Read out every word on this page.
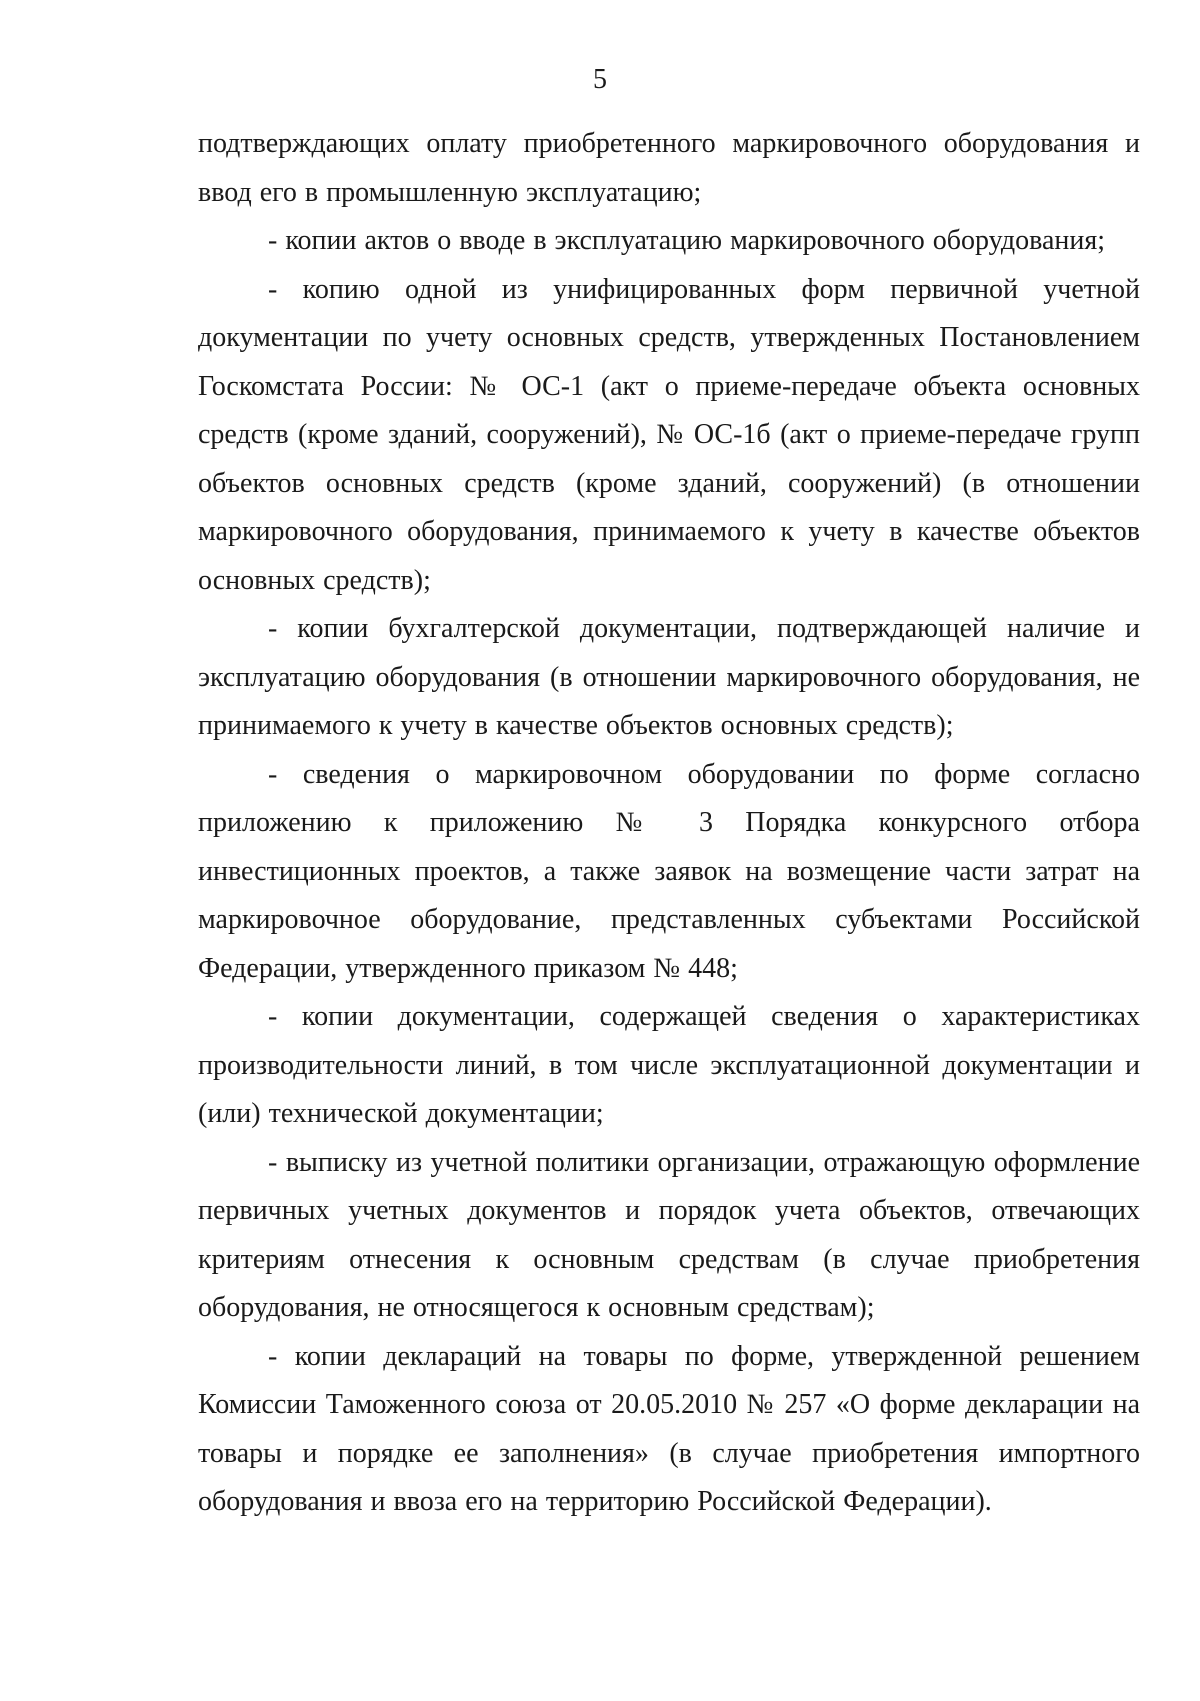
5

подтверждающих оплату приобретенного маркировочного оборудования и ввод его в промышленную эксплуатацию;

- копии актов о вводе в эксплуатацию маркировочного оборудования;

- копию одной из унифицированных форм первичной учетной документации по учету основных средств, утвержденных Постановлением Госкомстата России: № ОС-1 (акт о приеме-передаче объекта основных средств (кроме зданий, сооружений), № ОС-1б (акт о приеме-передаче групп объектов основных средств (кроме зданий, сооружений) (в отношении маркировочного оборудования, принимаемого к учету в качестве объектов основных средств);

- копии бухгалтерской документации, подтверждающей наличие и эксплуатацию оборудования (в отношении маркировочного оборудования, не принимаемого к учету в качестве объектов основных средств);

- сведения о маркировочном оборудовании по форме согласно приложению к приложению № 3 Порядка конкурсного отбора инвестиционных проектов, а также заявок на возмещение части затрат на маркировочное оборудование, представленных субъектами Российской Федерации, утвержденного приказом № 448;

- копии документации, содержащей сведения о характеристиках производительности линий, в том числе эксплуатационной документации и (или) технической документации;

- выписку из учетной политики организации, отражающую оформление первичных учетных документов и порядок учета объектов, отвечающих критериям отнесения к основным средствам (в случае приобретения оборудования, не относящегося к основным средствам);

- копии деклараций на товары по форме, утвержденной решением Комиссии Таможенного союза от 20.05.2010 № 257 «О форме декларации на товары и порядке ее заполнения» (в случае приобретения импортного оборудования и ввоза его на территорию Российской Федерации).
